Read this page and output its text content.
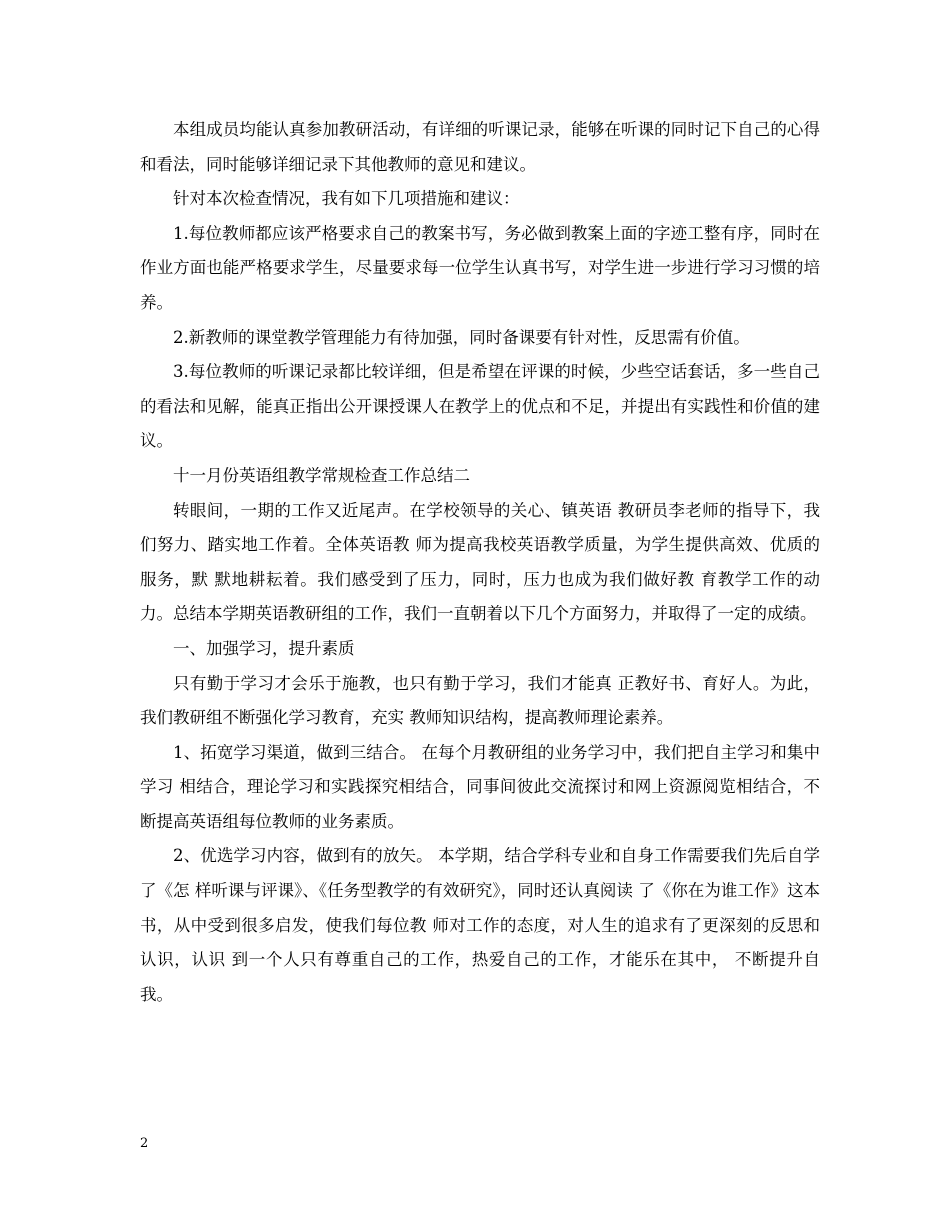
本组成员均能认真参加教研活动，有详细的听课记录，能够在听课的同时记下自己的心得和看法，同时能够详细记录下其他教师的意见和建议。

针对本次检查情况，我有如下几项措施和建议：

1.每位教师都应该严格要求自己的教案书写，务必做到教案上面的字迹工整有序，同时在作业方面也能严格要求学生，尽量要求每一位学生认真书写，对学生进一步进行学习习惯的培养。

2.新教师的课堂教学管理能力有待加强，同时备课要有针对性，反思需有价值。

3.每位教师的听课记录都比较详细，但是希望在评课的时候，少些空话套话，多一些自己的看法和见解，能真正指出公开课授课人在教学上的优点和不足，并提出有实践性和价值的建议。

十一月份英语组教学常规检查工作总结二

转眼间，一期的工作又近尾声。在学校领导的关心、镇英语 教研员李老师的指导下，我们努力、踏实地工作着。全体英语教 师为提高我校英语教学质量，为学生提供高效、优质的服务，默 默地耕耘着。我们感受到了压力，同时，压力也成为我们做好教 育教学工作的动力。总结本学期英语教研组的工作，我们一直朝着以下几个方面努力，并取得了一定的成绩。

一、加强学习，提升素质

只有勤于学习才会乐于施教，也只有勤于学习，我们才能真 正教好书、育好人。为此，我们教研组不断强化学习教育，充实 教师知识结构，提高教师理论素养。

1、拓宽学习渠道，做到三结合。 在每个月教研组的业务学习中，我们把自主学习和集中学习 相结合，理论学习和实践探究相结合，同事间彼此交流探讨和网上资源阅览相结合，不断提高英语组每位教师的业务素质。

2、优选学习内容，做到有的放矢。 本学期，结合学科专业和自身工作需要我们先后自学了《怎 样听课与评课》、《任务型教学的有效研究》，同时还认真阅读 了《你在为谁工作》这本书，从中受到很多启发，使我们每位教 师对工作的态度，对人生的追求有了更深刻的反思和认识，认识 到一个人只有尊重自己的工作，热爱自己的工作，才能乐在其中， 不断提升自我。

2
